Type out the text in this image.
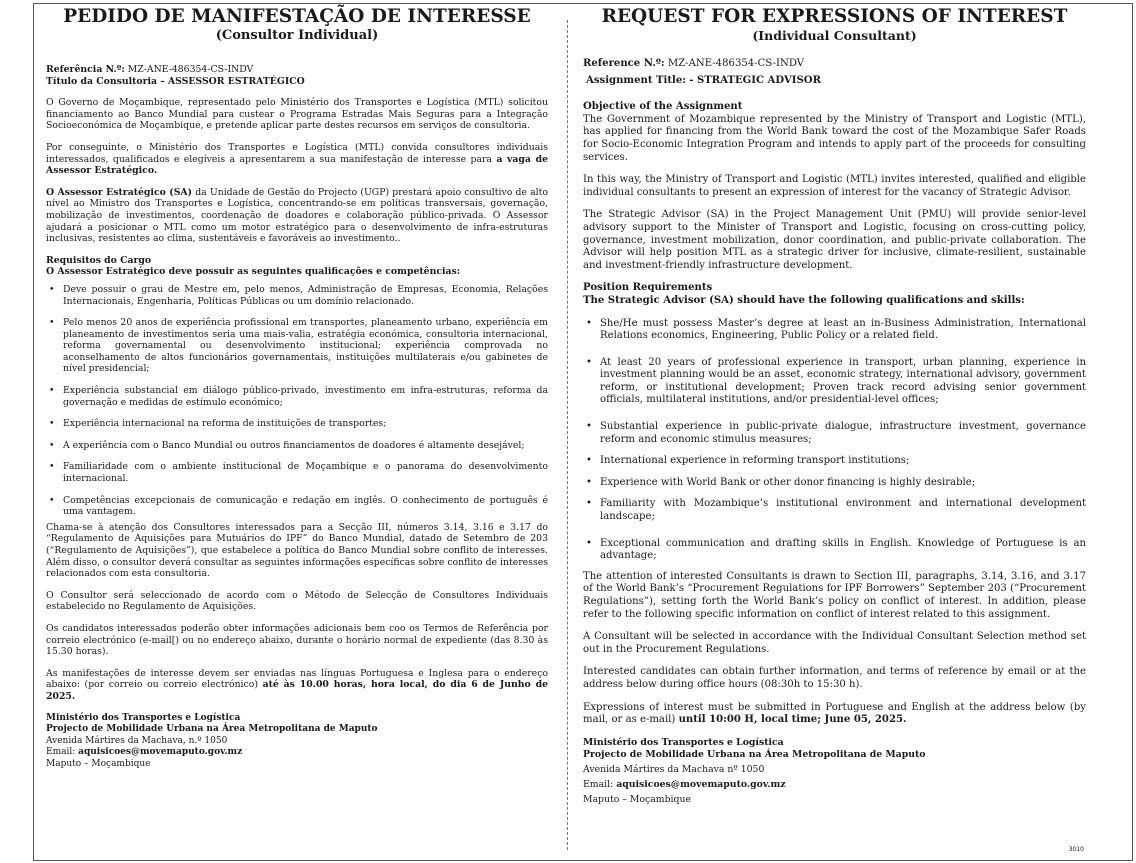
PEDIDO DE MANIFESTAÇÃO DE INTERESSE
(Consultor Individual)

Referência N.º: MZ-ANE-486354-CS-INDV

Título da Consultoria – ASSESSOR ESTRATÉGICO

O Governo de Moçambique, representado pelo Ministério dos Transportes e Logística (MTL) solicitou financiamento ao Banco Mundial para custear o Programa Estradas Mais Seguras para a Integração Socioeconómica de Moçambique, e pretende aplicar parte destes recursos em serviços de consultoria.

Por conseguinte, o Ministério dos Transportes e Logística (MTL) convida consultores individuais interessados, qualificados e elegíveis a apresentarem a sua manifestação de interesse para a vaga de Assessor Estratégico.

O Assessor Estratégico (SA) da Unidade de Gestão do Projecto (UGP) prestará apoio consultivo de alto nível ao Ministro dos Transportes e Logística, concentrando-se em políticas transversais, governação, mobilização de investimentos, coordenação de doadores e colaboração público-privada. O Assessor ajudará a posicionar o MTL como um motor estratégico para o desenvolvimento de infra-estruturas inclusivas, resistentes ao clima, sustentáveis e favoráveis ao investimento..

Requisitos do Cargo

O Assessor Estratégico deve possuir as seguintes qualificações e competências:

• Deve possuir o grau de Mestre em, pelo menos, Administração de Empresas, Economia, Relações Internacionais, Engenharia, Políticas Públicas ou um domínio relacionado.
• Pelo menos 20 anos de experiência profissional em transportes, planeamento urbano, experiência em planeamento de investimentos seria uma mais-valia, estratégia económica, consultoria internacional, reforma governamental ou desenvolvimento institucional; experiência comprovada no aconselhamento de altos funcionários governamentais, instituições multilaterais e/ou gabinetes de nível presidencial;
• Experiência substancial em diálogo público-privado, investimento em infra-estruturas, reforma da governação e medidas de estímulo económico;
• Experiência internacional na reforma de instituições de transportes;
• A experiência com o Banco Mundial ou outros financiamentos de doadores é altamente desejável;
• Familiaridade com o ambiente institucional de Moçambique e o panorama do desenvolvimento internacional.
• Competências excepcionais de comunicação e redação em inglês. O conhecimento de português é uma vantagem.

Chama-se à atenção dos Consultores interessados para a Secção III, números 3.14, 3.16 e 3.17 do “Regulamento de Aquisições para Mutuários do IPF” do Banco Mundial, datado de Setembro de 203 (“Regulamento de Aquisições”), que estabelece a política do Banco Mundial sobre conflito de interesses. Além disso, o consultor deverá consultar as seguintes informações específicas sobre conflito de interesses relacionados com esta consultoria.

O Consultor será seleccionado de acordo com o Método de Selecção de Consultores Individuais estabelecido no Regulamento de Aquisições.

Os candidatos interessados poderão obter informações adicionais bem coo os Termos de Referência por correio electrónico (e-mail[) ou no endereço abaixo, durante o horário normal de expediente (das 8.30 às 15.30 horas).

As manifestações de interesse devem ser enviadas nas línguas Portuguesa e Inglesa para o endereço abaixo: (por correio ou correio electrónico) até às 10.00 horas, hora local, do dia 6 de Junho de 2025.

Ministério dos Transportes e Logística
Projecto de Mobilidade Urbana na Área Metropolitana de Maputo
Avenida Mártires da Machava, n.º 1050
Email: aquisicoes@movemaputo.gov.mz
Maputo – Moçambique
REQUEST FOR EXPRESSIONS OF INTEREST
(Individual Consultant)

Reference N.º: MZ-ANE-486354-CS-INDV

Assignment Title: - STRATEGIC ADVISOR

Objective of the Assignment

The Government of Mozambique represented by the Ministry of Transport and Logistic (MTL), has applied for financing from the World Bank toward the cost of the Mozambique Safer Roads for Socio-Economic Integration Program and intends to apply part of the proceeds for consulting services.

In this way, the Ministry of Transport and Logistic (MTL) invites interested, qualified and eligible individual consultants to present an expression of interest for the vacancy of Strategic Advisor.

The Strategic Advisor (SA) in the Project Management Unit (PMU) will provide senior-level advisory support to the Minister of Transport and Logistic, focusing on cross-cutting policy, governance, investment mobilization, donor coordination, and public-private collaboration. The Advisor will help position MTL as a strategic driver for inclusive, climate-resilient, sustainable and investment-friendly infrastructure development.

Position Requirements

The Strategic Advisor (SA) should have the following qualifications and skills:

• She/He must possess Master’s degree at least an in-Business Administration, International Relations economics, Engineering, Public Policy or a related field.
• At least 20 years of professional experience in transport, urban planning, experience in investment planning would be an asset, economic strategy, international advisory, government reform, or institutional development; Proven track record advising senior government officials, multilateral institutions, and/or presidential-level offices;
• Substantial experience in public-private dialogue, infrastructure investment, governance reform and economic stimulus measures;
• International experience in reforming transport institutions;
• Experience with World Bank or other donor financing is highly desirable;
• Familiarity with Mozambique’s institutional environment and international development landscape;
• Exceptional communication and drafting skills in English. Knowledge of Portuguese is an advantage;

The attention of interested Consultants is drawn to Section III, paragraphs, 3.14, 3.16, and 3.17 of the World Bank’s “Procurement Regulations for IPF Borrowers” September 203 (“Procurement Regulations”), setting forth the World Bank’s policy on conflict of interest. In addition, please refer to the following specific information on conflict of interest related to this assignment.

A Consultant will be selected in accordance with the Individual Consultant Selection method set out in the Procurement Regulations.

Interested candidates can obtain further information, and terms of reference by email or at the address below during office hours (08:30h to 15:30 h).

Expressions of interest must be submitted in Portuguese and English at the address below (by mail, or as e-mail) until 10:00 H, local time; June 05, 2025.

Ministério dos Transportes e Logística
Projecto de Mobilidade Urbana na Área Metropolitana de Maputo
Avenida Mártires da Machava nº 1050
Email: aquisicoes@movemaputo.gov.mz
Maputo – Moçambique
3010
